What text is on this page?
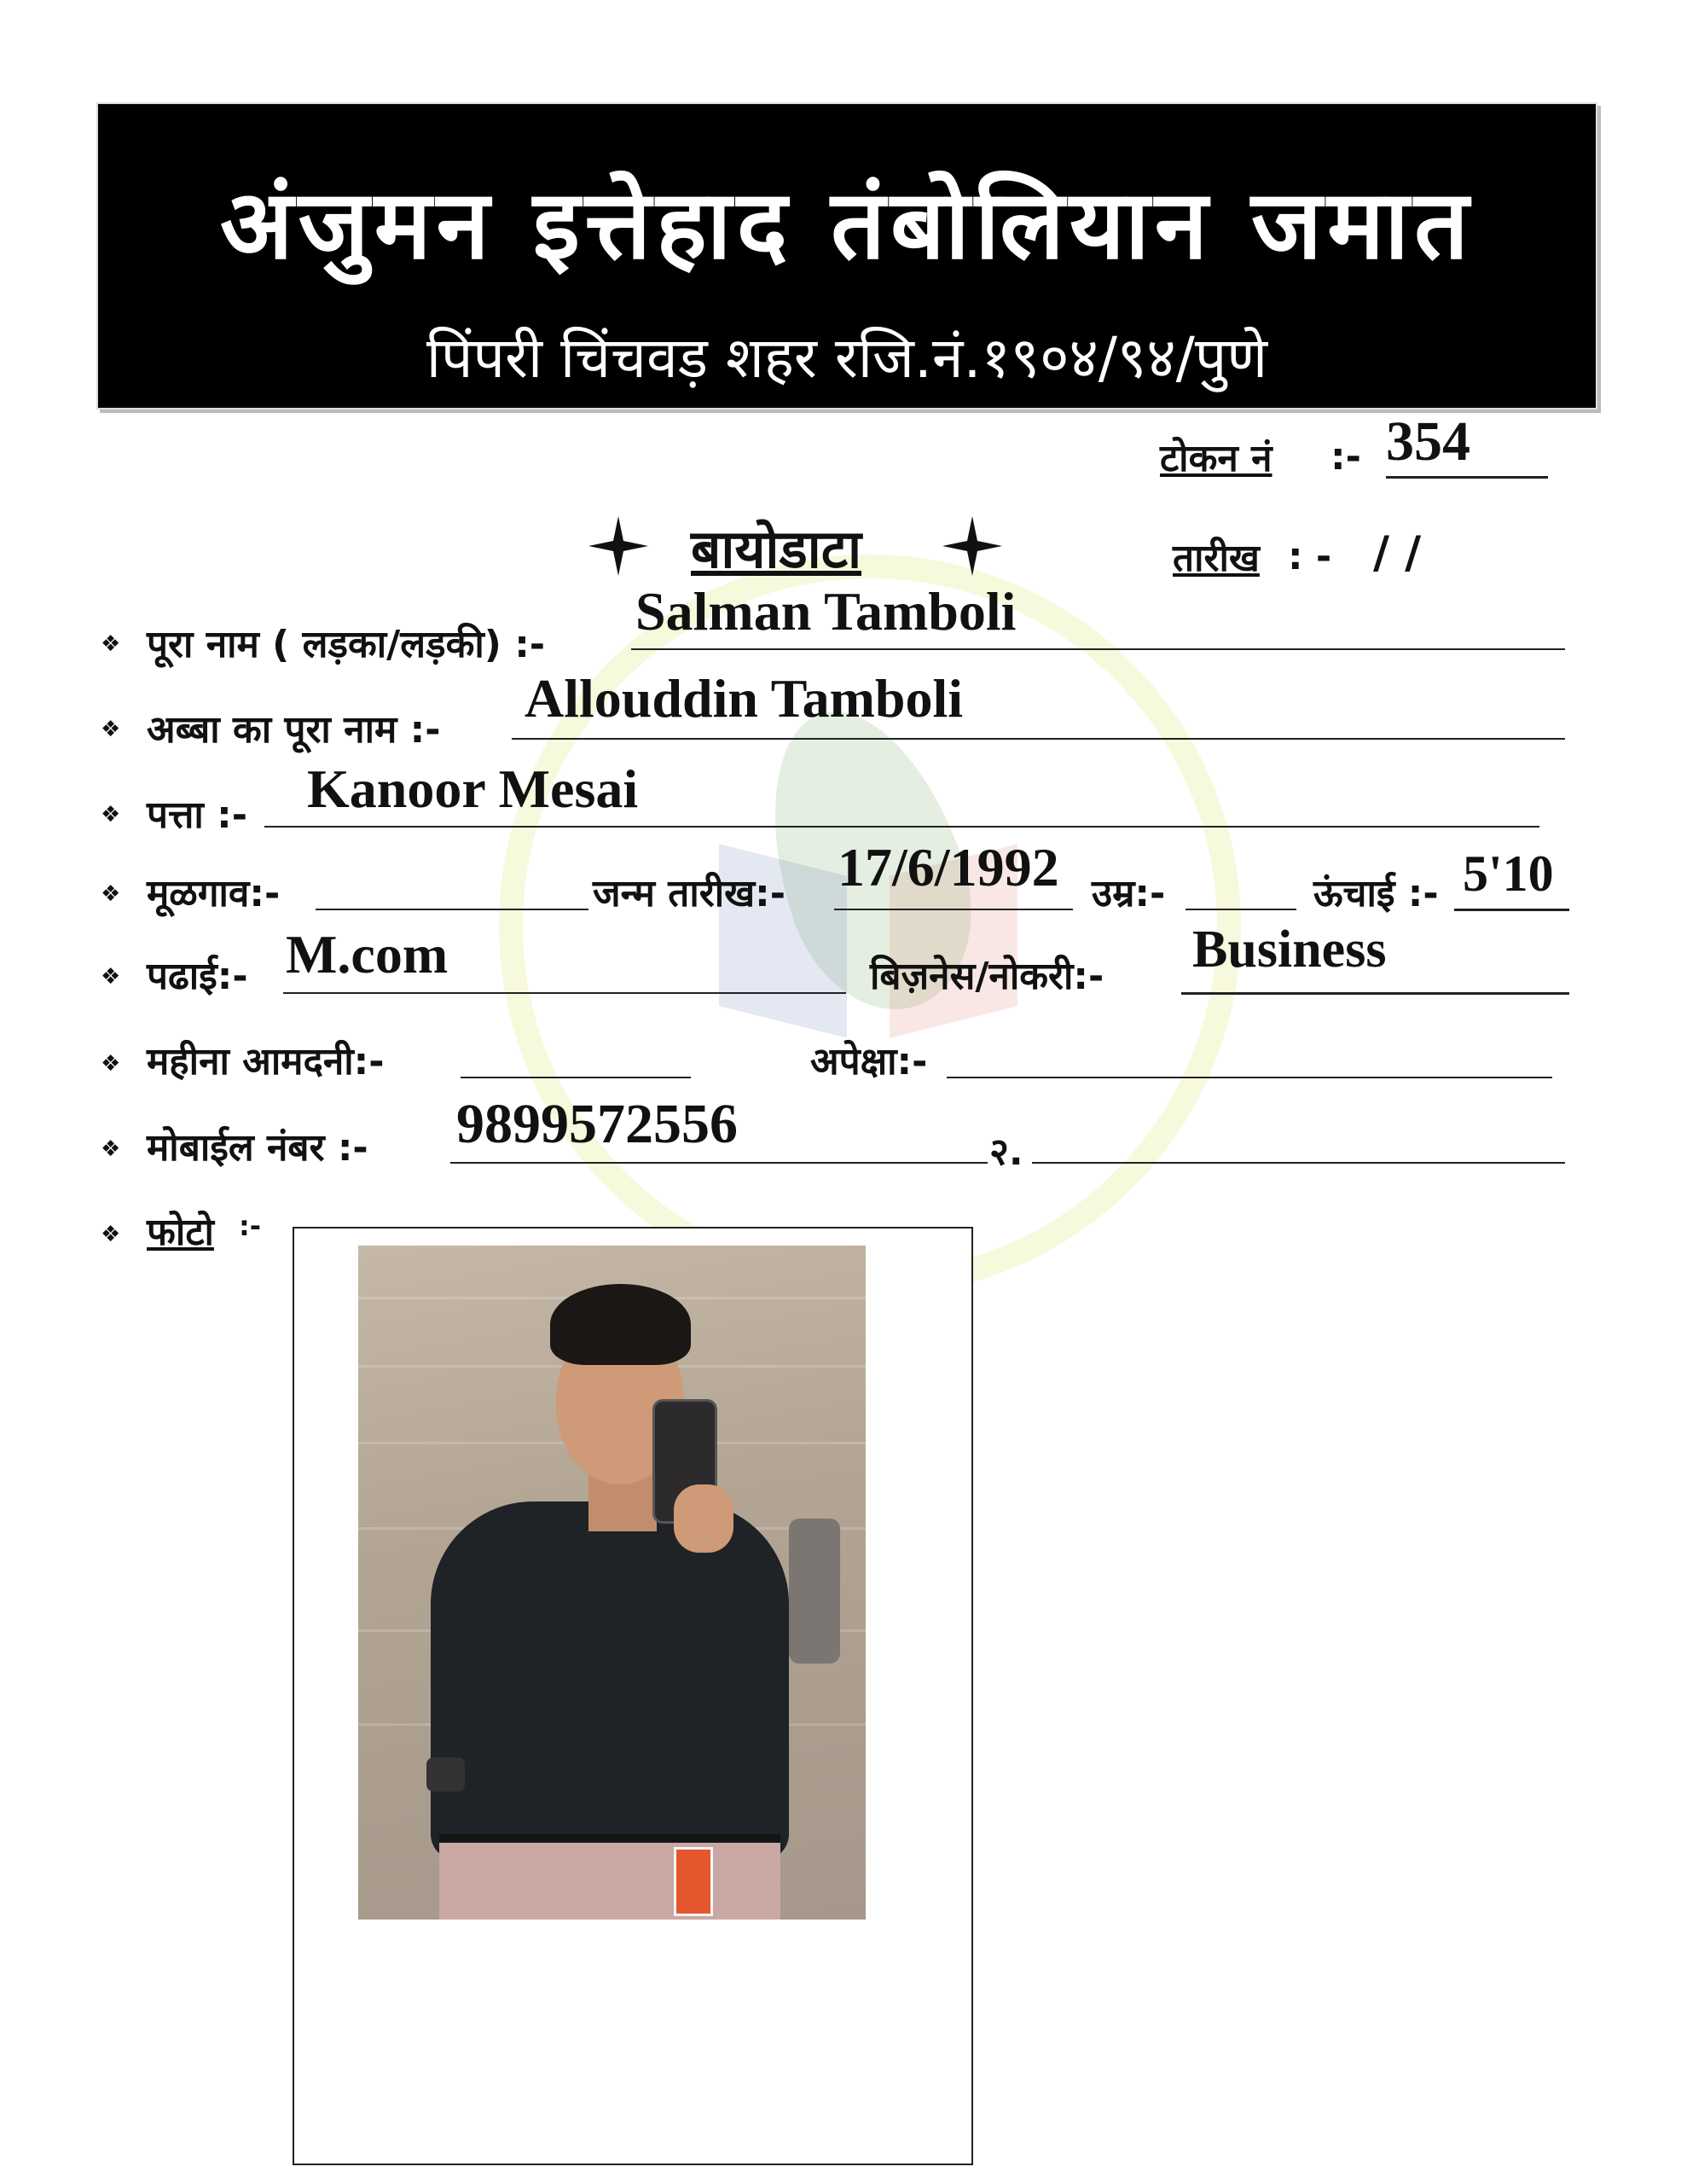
अंजुमन इत्तेहाद तंबोलियान जमात
पिंपरी चिंचवड़ शहर रजि.नं.१९०४/९४/पुणे
टोकन नं :- 354
बायोडाटा	तारीख : - / /
❖ पूरा नाम ( लड़का/लड़की) :-
Salman Tamboli
❖ अब्बा का पूरा नाम :-
Allouddin Tamboli
❖ पत्ता :- Kanoor Mesai
❖ मूळगाव:-	जन्म तारीख:- 17/6/1992 उम्र:-	ऊंचाई :- 5'10
❖ पढाई:- M.com	बिज़नेस/नोकरी:- Business
❖ महीना आमदनी:-	अपेक्षा:-
❖ मोबाईल नंबर :- 9899572556	२.
❖ फोटो :-
